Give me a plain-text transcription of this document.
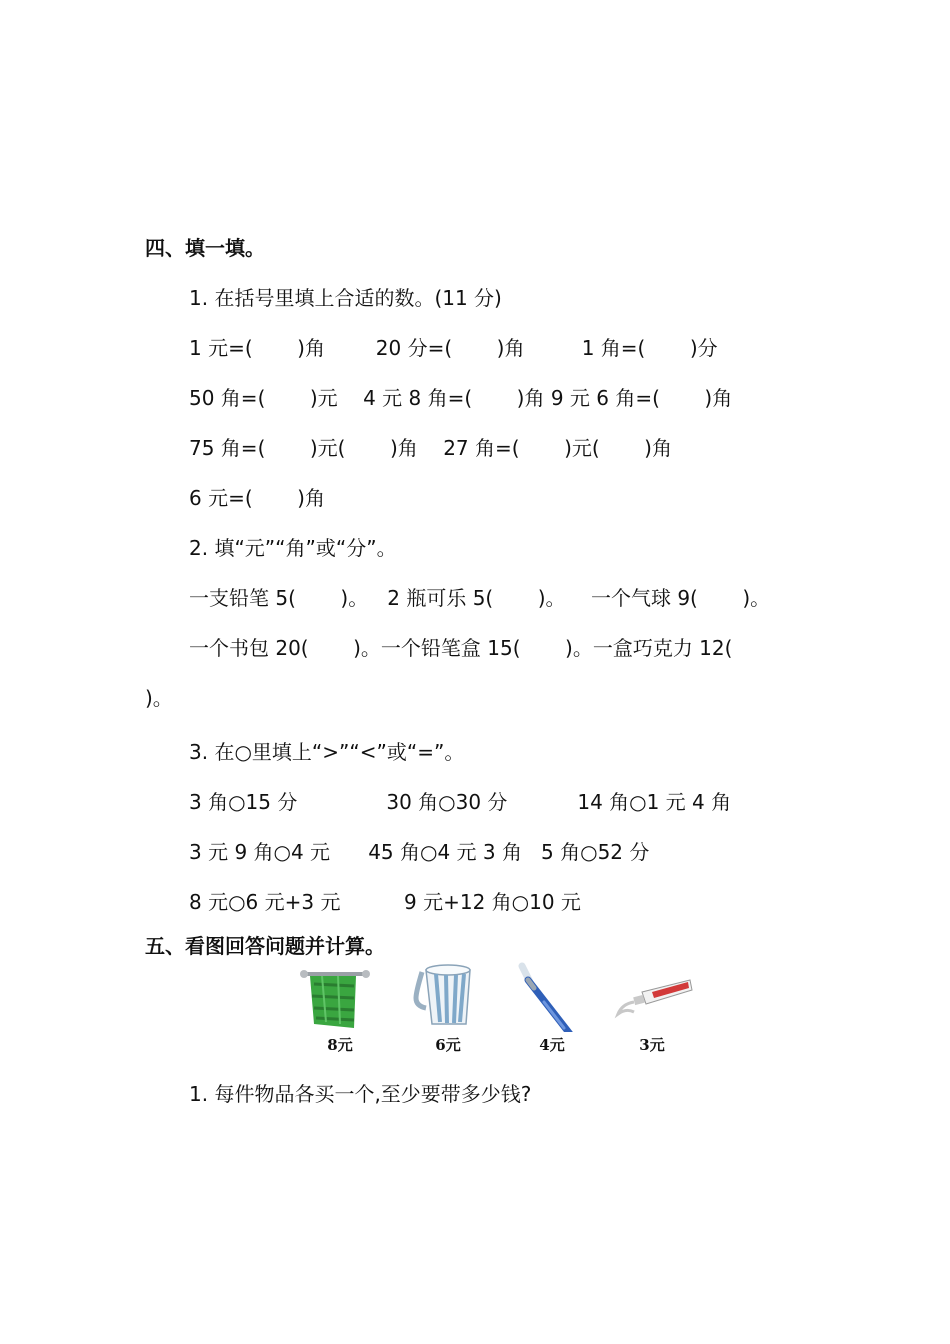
四、填一填。
1. 在括号里填上合适的数。(11 分)
1 元=(       )角        20 分=(       )角         1 角=(       )分
50 角=(       )元    4 元 8 角=(       )角 9 元 6 角=(       )角
75 角=(       )元(       )角    27 角=(       )元(       )角
6 元=(       )角
2. 填“元”“角”或“分”。
一支铅笔 5(       )。   2 瓶可乐 5(       )。    一个气球 9(       )。
一个书包 20(       )。一个铅笔盒 15(       )。一盒巧克力 12(
)。
3. 在○里填上“>”“<”或“=”。
3 角○15 分              30 角○30 分           14 角○1 元 4 角
3 元 9 角○4 元      45 角○4 元 3 角   5 角○52 分
8 元○6 元+3 元          9 元+12 角○10 元
五、看图回答问题并计算。
8元	6元	4元	3元
1. 每件物品各买一个,至少要带多少钱?
